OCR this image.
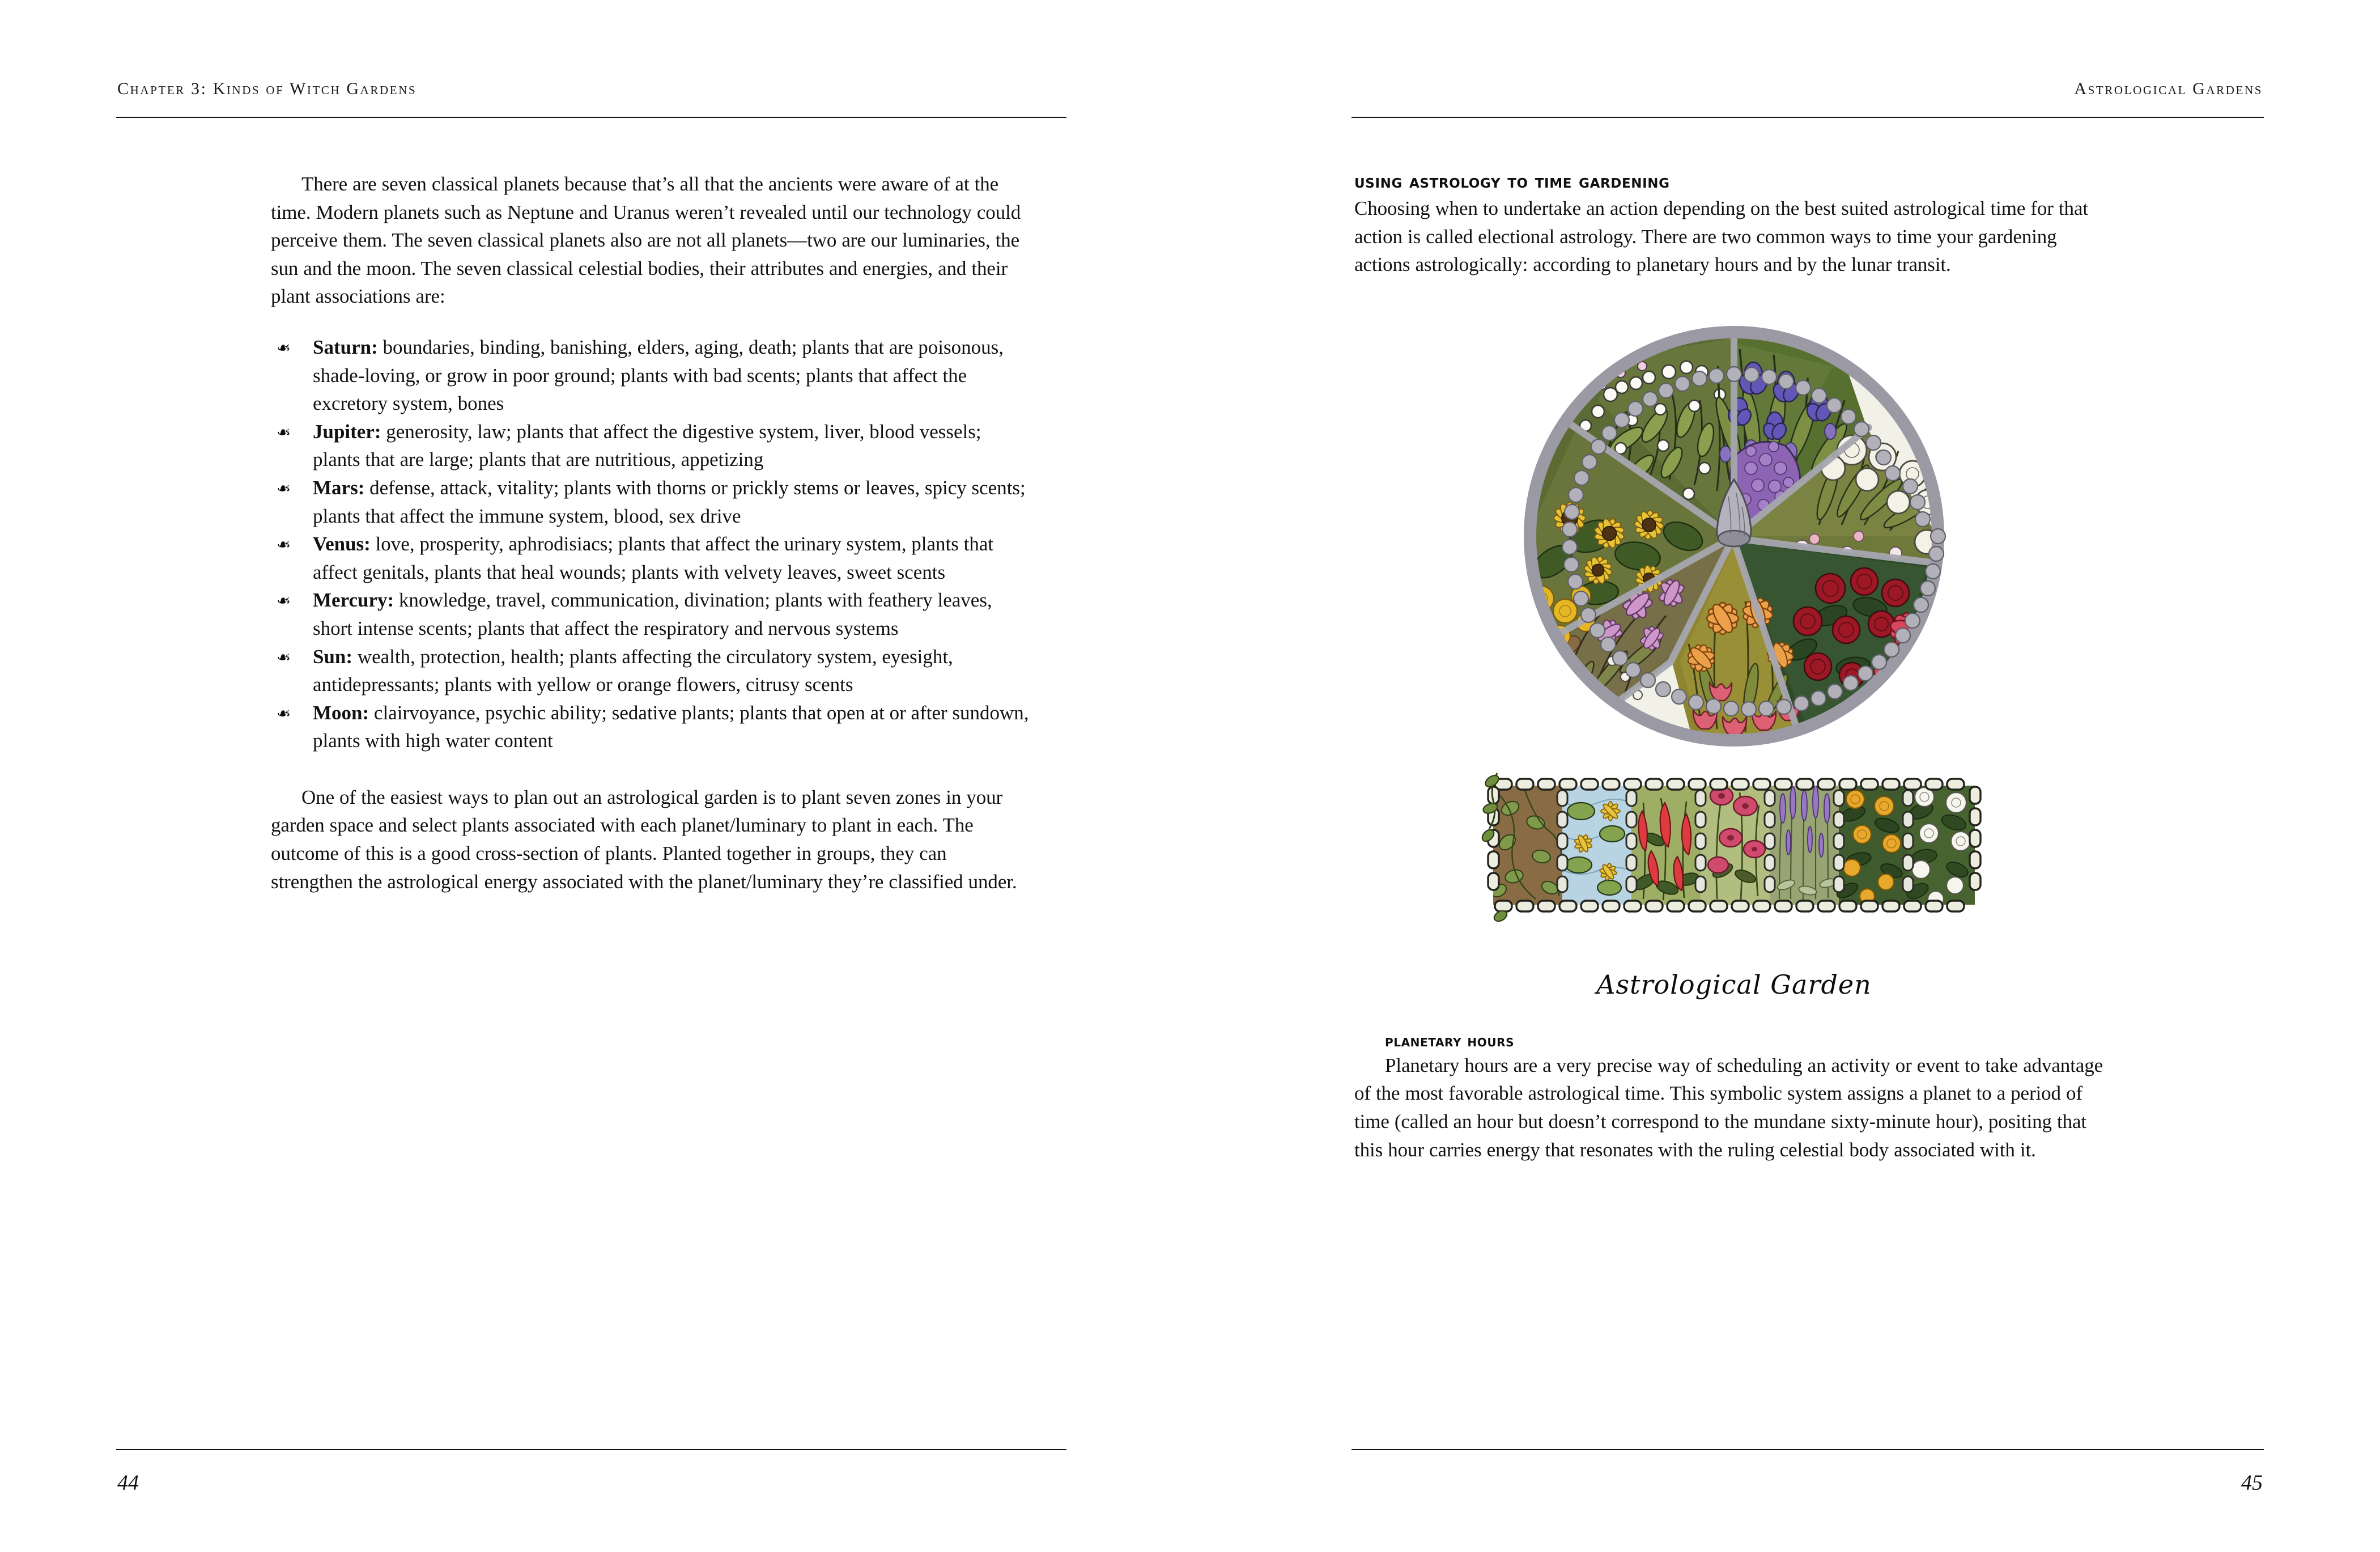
Chapter 3: Kinds of Witch Gardens

There are seven classical planets because that’s all that the ancients were aware of at the time. Modern planets such as Neptune and Uranus weren’t revealed until our technology could perceive them. The seven classical planets also are not all planets—two are our luminaries, the sun and the moon. The seven classical celestial bodies, their attributes and energies, and their plant associations are:

❧ Saturn: boundaries, binding, banishing, elders, aging, death; plants that are poisonous, shade-loving, or grow in poor ground; plants with bad scents; plants that affect the excretory system, bones
❧ Jupiter: generosity, law; plants that affect the digestive system, liver, blood vessels; plants that are large; plants that are nutritious, appetizing
❧ Mars: defense, attack, vitality; plants with thorns or prickly stems or leaves, spicy scents; plants that affect the immune system, blood, sex drive
❧ Venus: love, prosperity, aphrodisiacs; plants that affect the urinary system, plants that affect genitals, plants that heal wounds; plants with velvety leaves, sweet scents
❧ Mercury: knowledge, travel, communication, divination; plants with feathery leaves, short intense scents; plants that affect the respiratory and nervous systems
❧ Sun: wealth, protection, health; plants affecting the circulatory system, eyesight, antidepressants; plants with yellow or orange flowers, citrusy scents
❧ Moon: clairvoyance, psychic ability; sedative plants; plants that open at or after sundown, plants with high water content

One of the easiest ways to plan out an astrological garden is to plant seven zones in your garden space and select plants associated with each planet/luminary to plant in each. The outcome of this is a good cross-section of plants. Planted together in groups, they can strengthen the astrological energy associated with the planet/luminary they’re classified under.

44
Astrological Gardens
using astrology to time gardening

Choosing when to undertake an action depending on the best suited astrological time for that action is called electional astrology. There are two common ways to time your gardening actions astrologically: according to planetary hours and by the lunar transit.

Astrological Garden
planetary hours

Planetary hours are a very precise way of scheduling an activity or event to take advantage of the most favorable astrological time. This symbolic system assigns a planet to a period of time (called an hour but doesn’t correspond to the mundane sixty-minute hour), positing that this hour carries energy that resonates with the ruling celestial body associated with it.

45
